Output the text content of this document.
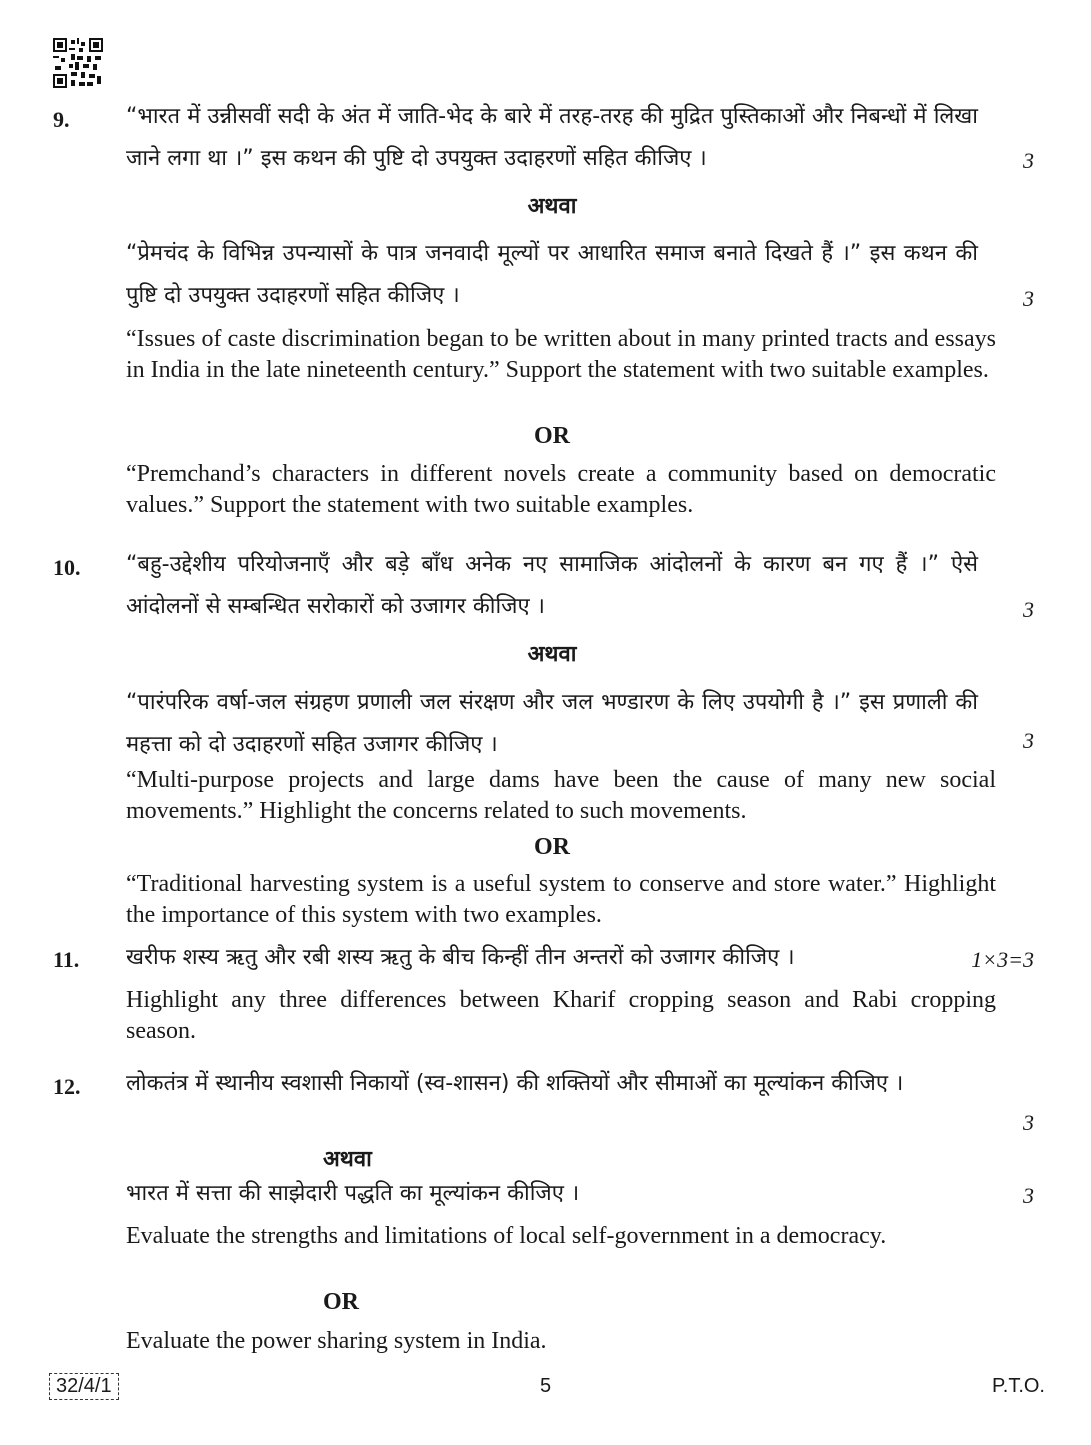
9.	“भारत में उन्नीसवीं सदी के अंत में जाति-भेद के बारे में तरह-तरह की मुद्रित पुस्तिकाओं और निबन्धों में लिखा जाने लगा था ।” इस कथन की पुष्टि दो उपयुक्त उदाहरणों सहित कीजिए ।	3
अथवा
“प्रेमचंद के विभिन्न उपन्यासों के पात्र जनवादी मूल्यों पर आधारित समाज बनाते दिखते हैं ।” इस कथन की पुष्टि दो उपयुक्त उदाहरणों सहित कीजिए ।	3
“Issues of caste discrimination began to be written about in many printed tracts and essays in India in the late nineteenth century.” Support the statement with two suitable examples.
OR
“Premchand’s characters in different novels create a community based on democratic values.” Support the statement with two suitable examples.
10. “बहु-उद्देशीय परियोजनाएँ और बड़े बाँध अनेक नए सामाजिक आंदोलनों के कारण बन गए हैं ।” ऐसे आंदोलनों से सम्बन्धित सरोकारों को उजागर कीजिए ।	3
अथवा
“पारंपरिक वर्षा-जल संग्रहण प्रणाली जल संरक्षण और जल भण्डारण के लिए उपयोगी है ।” इस प्रणाली की महत्ता को दो उदाहरणों सहित उजागर कीजिए ।	3
“Multi-purpose projects and large dams have been the cause of many new social movements.” Highlight the concerns related to such movements.
OR
“Traditional harvesting system is a useful system to conserve and store water.” Highlight the importance of this system with two examples.
11. खरीफ शस्य ऋतु और रबी शस्य ऋतु के बीच किन्हीं तीन अन्तरों को उजागर कीजिए ।	1×3=3
Highlight any three differences between Kharif cropping season and Rabi cropping season.
12. लोकतंत्र में स्थानीय स्वशासी निकायों (स्व-शासन) की शक्तियों और सीमाओं का मूल्यांकन कीजिए ।
3
अथवा
भारत में सत्ता की साझेदारी पद्धति का मूल्यांकन कीजिए ।	3
Evaluate the strengths and limitations of local self-government in a democracy.
OR
Evaluate the power sharing system in India.
32/4/1	5	P.T.O.
